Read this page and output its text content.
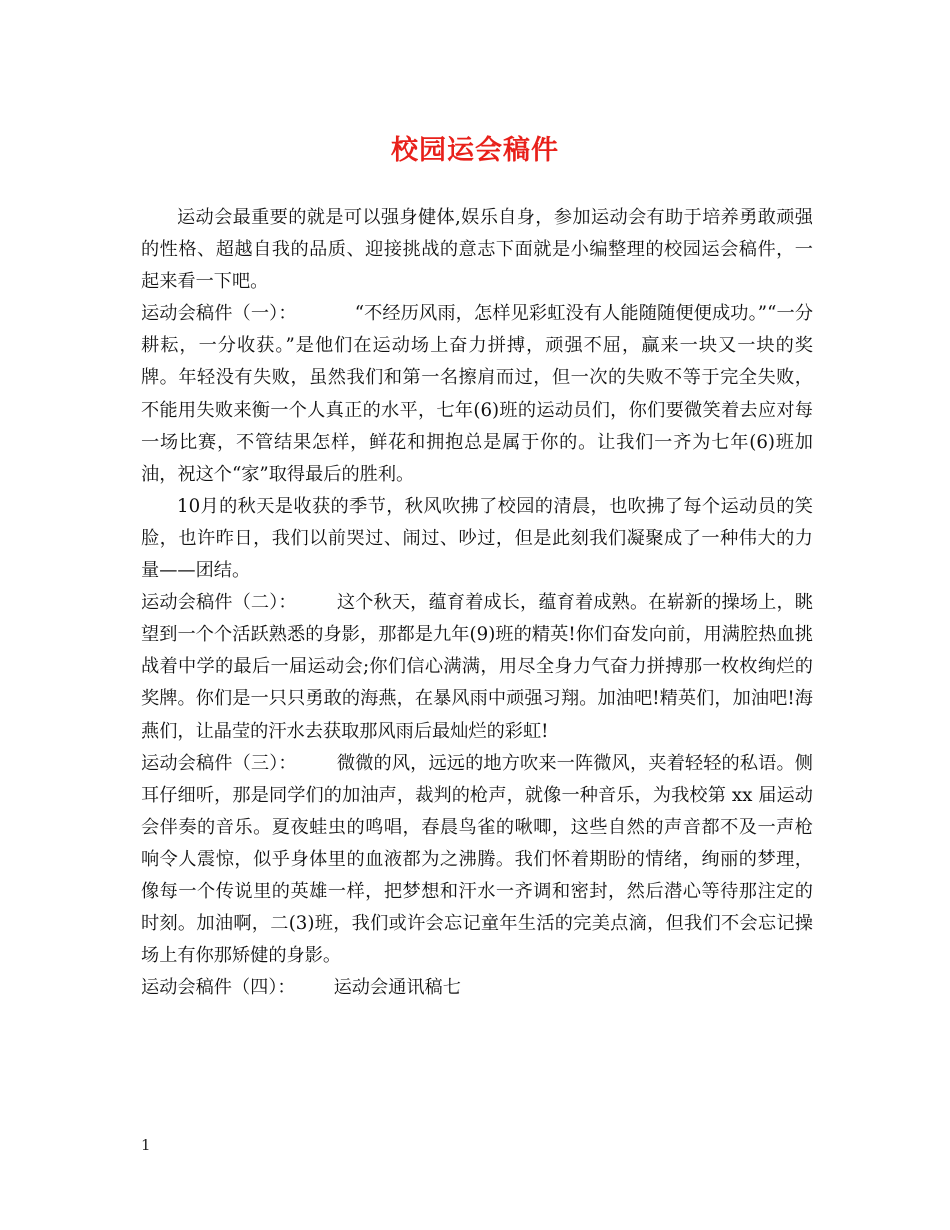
校园运会稿件

运动会最重要的就是可以强身健体,娱乐自身，参加运动会有助于培养勇敢顽强的性格、超越自我的品质、迎接挑战的意志下面就是小编整理的校园运会稿件，一起来看一下吧。

运动会稿件（一）：	“不经历风雨，怎样见彩虹没有人能随随便便成功。”“一分耕耘，一分收获。”是他们在运动场上奋力拼搏，顽强不屈，赢来一块又一块的奖牌。年轻没有失败，虽然我们和第一名擦肩而过，但一次的失败不等于完全失败，不能用失败来衡一个人真正的水平，七年(6)班的运动员们，你们要微笑着去应对每一场比赛，不管结果怎样，鲜花和拥抱总是属于你的。让我们一齐为七年(6)班加油，祝这个“家”取得最后的胜利。

10月的秋天是收获的季节，秋风吹拂了校园的清晨，也吹拂了每个运动员的笑脸，也许昨日，我们以前哭过、闹过、吵过，但是此刻我们凝聚成了一种伟大的力量——团结。

运动会稿件（二）： 这个秋天，蕴育着成长，蕴育着成熟。在崭新的操场上，眺望到一个个活跃熟悉的身影，那都是九年(9)班的精英!你们奋发向前，用满腔热血挑战着中学的最后一届运动会;你们信心满满，用尽全身力气奋力拼搏那一枚枚绚烂的奖牌。你们是一只只勇敢的海燕，在暴风雨中顽强习翔。加油吧!精英们，加油吧!海燕们，让晶莹的汗水去获取那风雨后最灿烂的彩虹!

运动会稿件（三）： 微微的风，远远的地方吹来一阵微风，夹着轻轻的私语。侧耳仔细听，那是同学们的加油声，裁判的枪声，就像一种音乐，为我校第 xx 届运动会伴奏的音乐。夏夜蛙虫的鸣唱，春晨鸟雀的啾唧，这些自然的声音都不及一声枪响令人震惊，似乎身体里的血液都为之沸腾。我们怀着期盼的情绪，绚丽的梦理，像每一个传说里的英雄一样，把梦想和汗水一齐调和密封，然后潜心等待那注定的时刻。加油啊，二(3)班，我们或许会忘记童年生活的完美点滴，但我们不会忘记操场上有你那矫健的身影。

运动会稿件（四）： 运动会通讯稿七

1
